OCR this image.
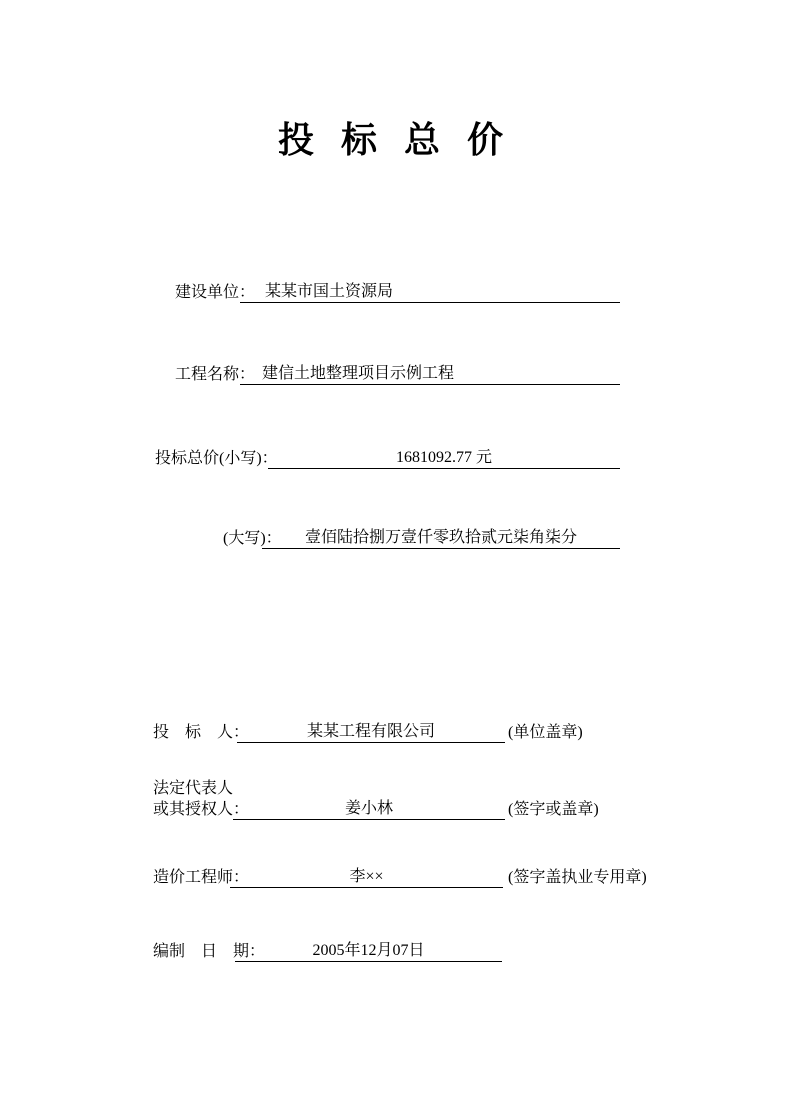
投标总价
建设单位： 某某市国土资源局
工程名称： 建信土地整理项目示例工程
投标总价(小写)：	1681092.77 元
(大写)：	壹佰陆拾捌万壹仟零玖拾贰元柒角柒分
投　标　人：	某某工程有限公司	(单位盖章)
法定代表人
或其授权人：	姜小林	(签字或盖章)
造价工程师：	李××	(签字盖执业专用章)
编制　日　期：	2005年12月07日
